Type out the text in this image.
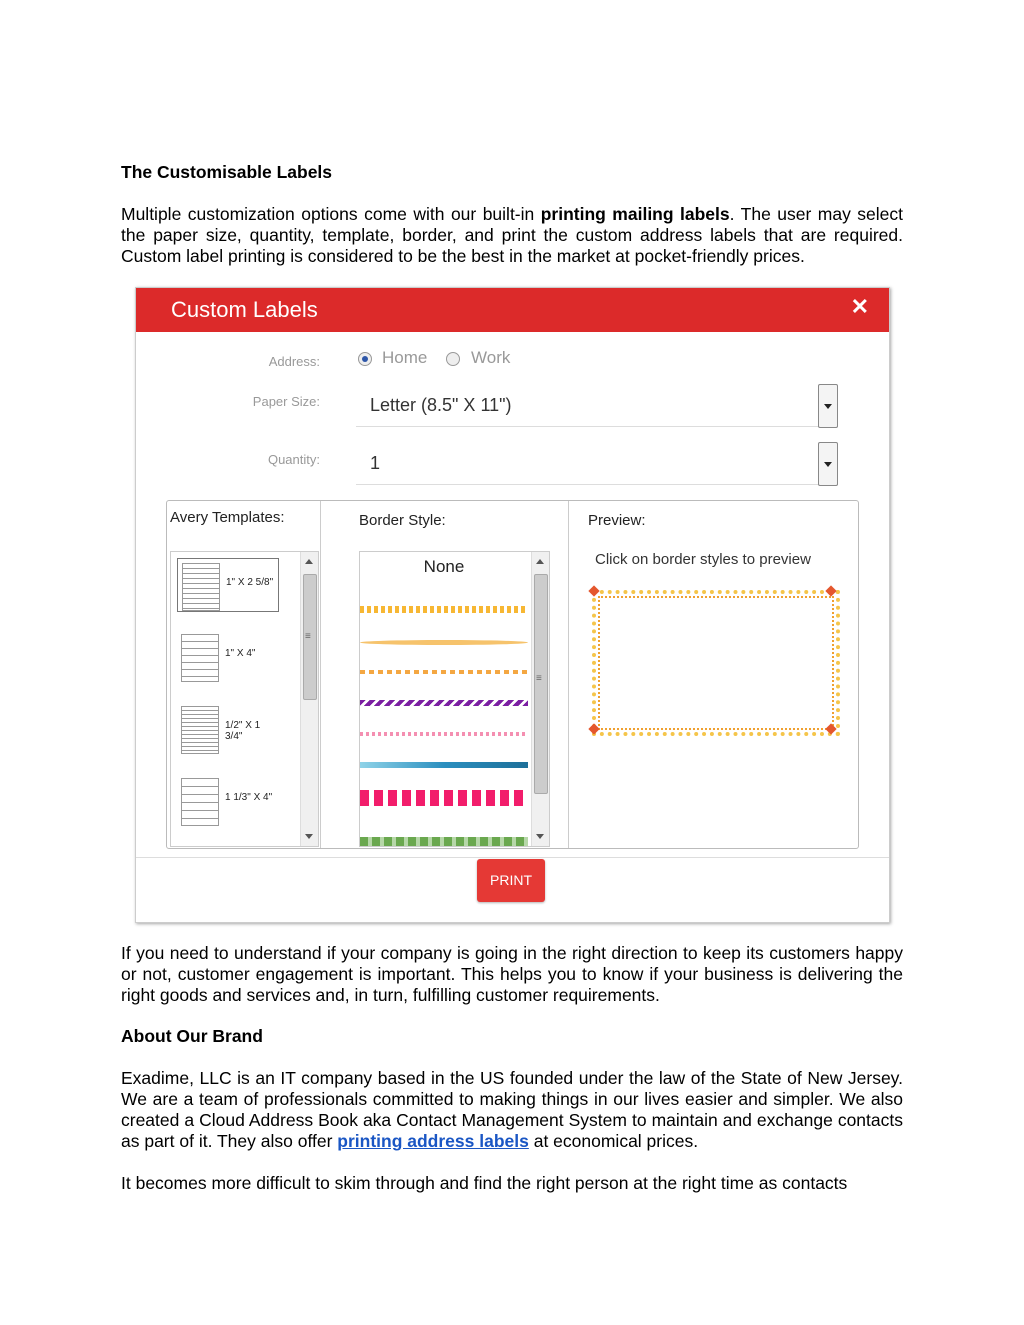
The Customisable Labels
Multiple customization options come with our built-in printing mailing labels. The user may select the paper size, quantity, template, border, and print the custom address labels that are required. Custom label printing is considered to be the best in the market at pocket-friendly prices.
Custom Labels	✕
Address:	Home	Work
Paper Size:	Letter (8.5" X 11")
Quantity:	1
Avery Templates:
1" X 2 5/8"
1" X 4"
1/2" X 1 3/4"
1 1/3" X 4"
≡
Border Style:
None
≡
Preview:
Click on border styles to preview
PRINT
If you need to understand if your company is going in the right direction to keep its customers happy or not, customer engagement is important. This helps you to know if your business is delivering the right goods and services and, in turn, fulfilling customer requirements.
About Our Brand
Exadime, LLC is an IT company based in the US founded under the law of the State of New Jersey. We are a team of professionals committed to making things in our lives easier and simpler. We also created a Cloud Address Book aka Contact Management System to maintain and exchange contacts as part of it. They also offer printing address labels at economical prices.
It becomes more difficult to skim through and find the right person at the right time as contacts
